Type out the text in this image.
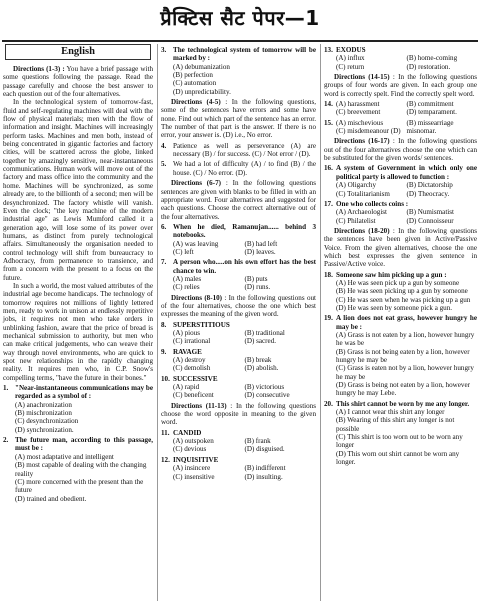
प्रैक्टिस सैट पेपर—1
English

Directions (1-3) : You have a brief passage with some questions following the passage. Read the passage carefully and choose the best answer to each question out of the four alternatives.

In the technological system of tomorrow-fast, fluid and self-regulating machines will deal with the flow of physical materials; men with the flow of information and insight. Machines will increasingly perform tasks. Machines and men both, instead of being concentrated in gigantic factories and factory cities, will be scattered across the globe, linked together by amazingly sensitive, near-instantaneous communications. Human work will move out of the factory and mass office into the community and the home. Machines will be synchronized, as some already are, to the billionth of a second; men will be desynchronized. The factory whistle will vanish. Even the clock; "the key machine of the modern industrial age" as Lewis Mumford called it a generation ago, will lose some of its power over humans, as distinct from purely technological affairs. Simultaneously the organisation needed to control technology will shift from bureaucracy to Adhocracy, from permanence to transience, and from a concern with the present to a focus on the future.

In such a world, the most valued attributes of the industrial age become handicaps. The technology of tomorrow requires not millions of lightly lettered men, ready to work in unison at endlessly repetitive jobs, it requires not men who take orders in unblinking fashion, aware that the price of bread is mechanical submission to authority, but men who can make critical judgements, who can weave their way through novel environments, who are quick to spot new relationships in the rapidly changing reality. It requires men who, in C.P. Snow's compelling terms, "have the future in their bones."

1. "Near-instantaneous communications may be regarded as a symbol of :
(A) anachronization
(B) mischronization
(C) desynchronization
(D) synchronization.
2. The future man, according to this passage, must be :
(A) most adaptative and intelligent
(B) most capable of dealing with the changing reality
(C) more concerned with the present than the future
(D) trained and obedient.
3. The technological system of tomorrow will be marked by :
(A) debumanization
(B) perfection
(C) automation
(D) unpredictability.

Directions (4-5) : In the following questions, some of the sentences have errors and some have none. Find out which part of the sentence has an error. The number of that part is the answer. If there is no error, your answer is. (D) i.e., No error.

4. Patience as well as perseverance (A) are necessary (B) / for success. (C) / Not error / (D).
5. We had a lot of difficulty (A) / to find (B) / the house. (C) / No error. (D).

Directions (6-7) : In the following questions sentences are given with blanks to be filled in with an appropriate word. Four alternatives and suggested for each questions. Choose the correct alternative out of the four alternatives.

6. When he died, Ramanujan...... behind 3 notebooks.
(A) was leaving	(B) had left
(C) left	(D) leaves.
7. A person who.....on his own effort has the best chance to win.
(A) males	(B) puts
(C) relies	(D) runs.

Directions (8-10) : In the following questions out of the four alternatives, choose the one which best expresses the meaning of the given word.

8. SUPERSTITIOUS
(A) pious	(B) traditional
(C) irrational	(D) sacred.
9. RAVAGE
(A) destroy	(B) break
(C) demolish	(D) abolish.
10. SUCCESSIVE
(A) rapid	(B) victorious
(C) beneficent	(D) consecutive

Directions (11-13) : In the following questions choose the word opposite in meaning to the given word.

11. CANDID
(A) outspoken	(B) frank
(C) devious	(D) disguised.
12. INQUISITIVE
(A) insincere	(B) indifferent
(C) insensitive	(D) insulting.
13. EXODUS
(A) influx	(B) home-coming
(C) return	(D) restoration.

Directions (14-15) : In the following questions groups of four words are given. In each group one word is correctly spelt. Find the correctly spelt word.

14. (A) harassment	(B) commitment
(C) breevement	(D) temparament.
15. (A) mischevious	(B) missearriage
(C) misdemeanour (D) misnomar.

Directions (16-17) : In the following questions out of the four alternatives choose the one which can be substituted for the given words/ sentences.

16. A system of Government in which only one political party is allowed to function :
(A) Oligarchy	(B) Dictatorship
(C) Totalitarianism	(D) Theocracy.
17. One who collects coins :
(A) Archaeologist	(B) Numismatist
(C) Philatelist	(D) Connoisseur

Directions (18-20) : In the following questions the sentences have been given in Active/Passive Voice. From the given alternatives, choose the one which best expresses the given sentence in Passive/Active voice.

18. Someone saw him picking up a gun :
(A) He was seen pick up a gun by someone
(B) He was seen picking up a gun by someone
(C) He was seen when he was picking up a gun
(D) He was seen by someone pick a gun.
19. A lion does not eat grass, however hungry he may be :
(A) Grass is not eaten by a lion, however hungry he was be
(B) Grass is not being eaten by a lion, however hungry he may be
(C) Grass is eaten not by a lion, however hungry he may be
(D) Grass is being not eaten by a lion, however hungry he may Lebe.
20. This shirt cannot be worn by me any longer.
(A) I cannot wear this shirt any longer
(B) Wearing of this shirt any longer is not possible
(C) This shirt is too worn out to be worn any longer
(D) This worn out shirt cannot be worn any longer.
